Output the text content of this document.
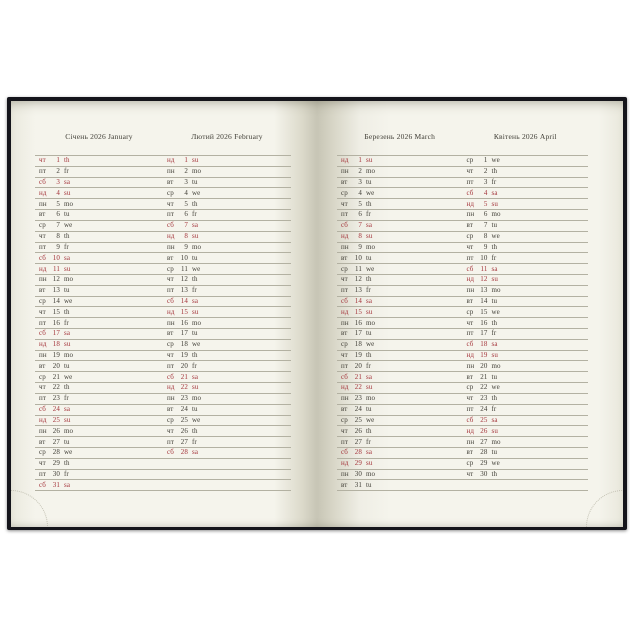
Січень 2026 January	Лютий 2026 February
чт	1 th	нд	1 su
пт	2 fr	пн	2 mo
сб	3 sa	вт	3 tu
нд	4 su	ср	4 we
пн	5 mo	чт	5 th
вт	6 tu	пт	6 fr
ср	7 we	сб	7 sa
чт	8 th	нд	8 su
пт	9 fr	пн	9 mo
сб 10 sa	вт	10 tu
нд 11 su	ср	11 we
пн 12 mo	чт	12 th
вт	13 tu	пт 13 fr
ср 14 we	сб 14 sa
чт	15 th	нд 15 su
пт 16 fr	пн 16 mo
сб 17 sa	вт	17 tu
нд 18 su	ср 18 we
пн 19 mo	чт	19 th
вт	20 tu	пт 20 fr
ср 21 we	сб 21 sa
чт	22 th	нд 22 su
пт 23 fr	пн 23 mo
сб 24 sa	вт	24 tu
нд 25 su	ср 25 we
пн 26 mo	чт	26 th
вт	27 tu	пт 27 fr
ср 28 we	сб 28 sa
чт	29 th
пт 30 fr
сб 31 sa
Березень 2026 March	Квітень 2026 April
нд	1 su	ср	1 we
пн	2 mo	чт	2 th
вт	3 tu	пт	3 fr
ср	4 we	сб	4 sa
чт	5 th	нд	5 su
пт	6 fr	пн	6 mo
сб	7 sa	вт	7 tu
нд	8 su	ср	8 we
пн	9 mo	чт	9 th
вт	10 tu	пт 10 fr
ср	11 we	сб	11 sa
чт	12 th	нд 12 su
пт 13 fr	пн 13 mo
сб 14 sa	вт	14 tu
нд 15 su	ср 15 we
пн 16 mo	чт	16 th
вт	17 tu	пт 17 fr
ср 18 we	сб 18 sa
чт	19 th	нд 19 su
пт 20 fr	пн 20 mo
сб 21 sa	вт	21 tu
нд 22 su	ср 22 we
пн 23 mo	чт	23 th
вт	24 tu	пт 24 fr
ср 25 we	сб 25 sa
чт	26 th	нд 26 su
пт 27 fr	пн 27 mo
сб 28 sa	вт	28 tu
нд 29 su	ср 29 we
пн 30 mo	чт	30 th
вт	31 tu
